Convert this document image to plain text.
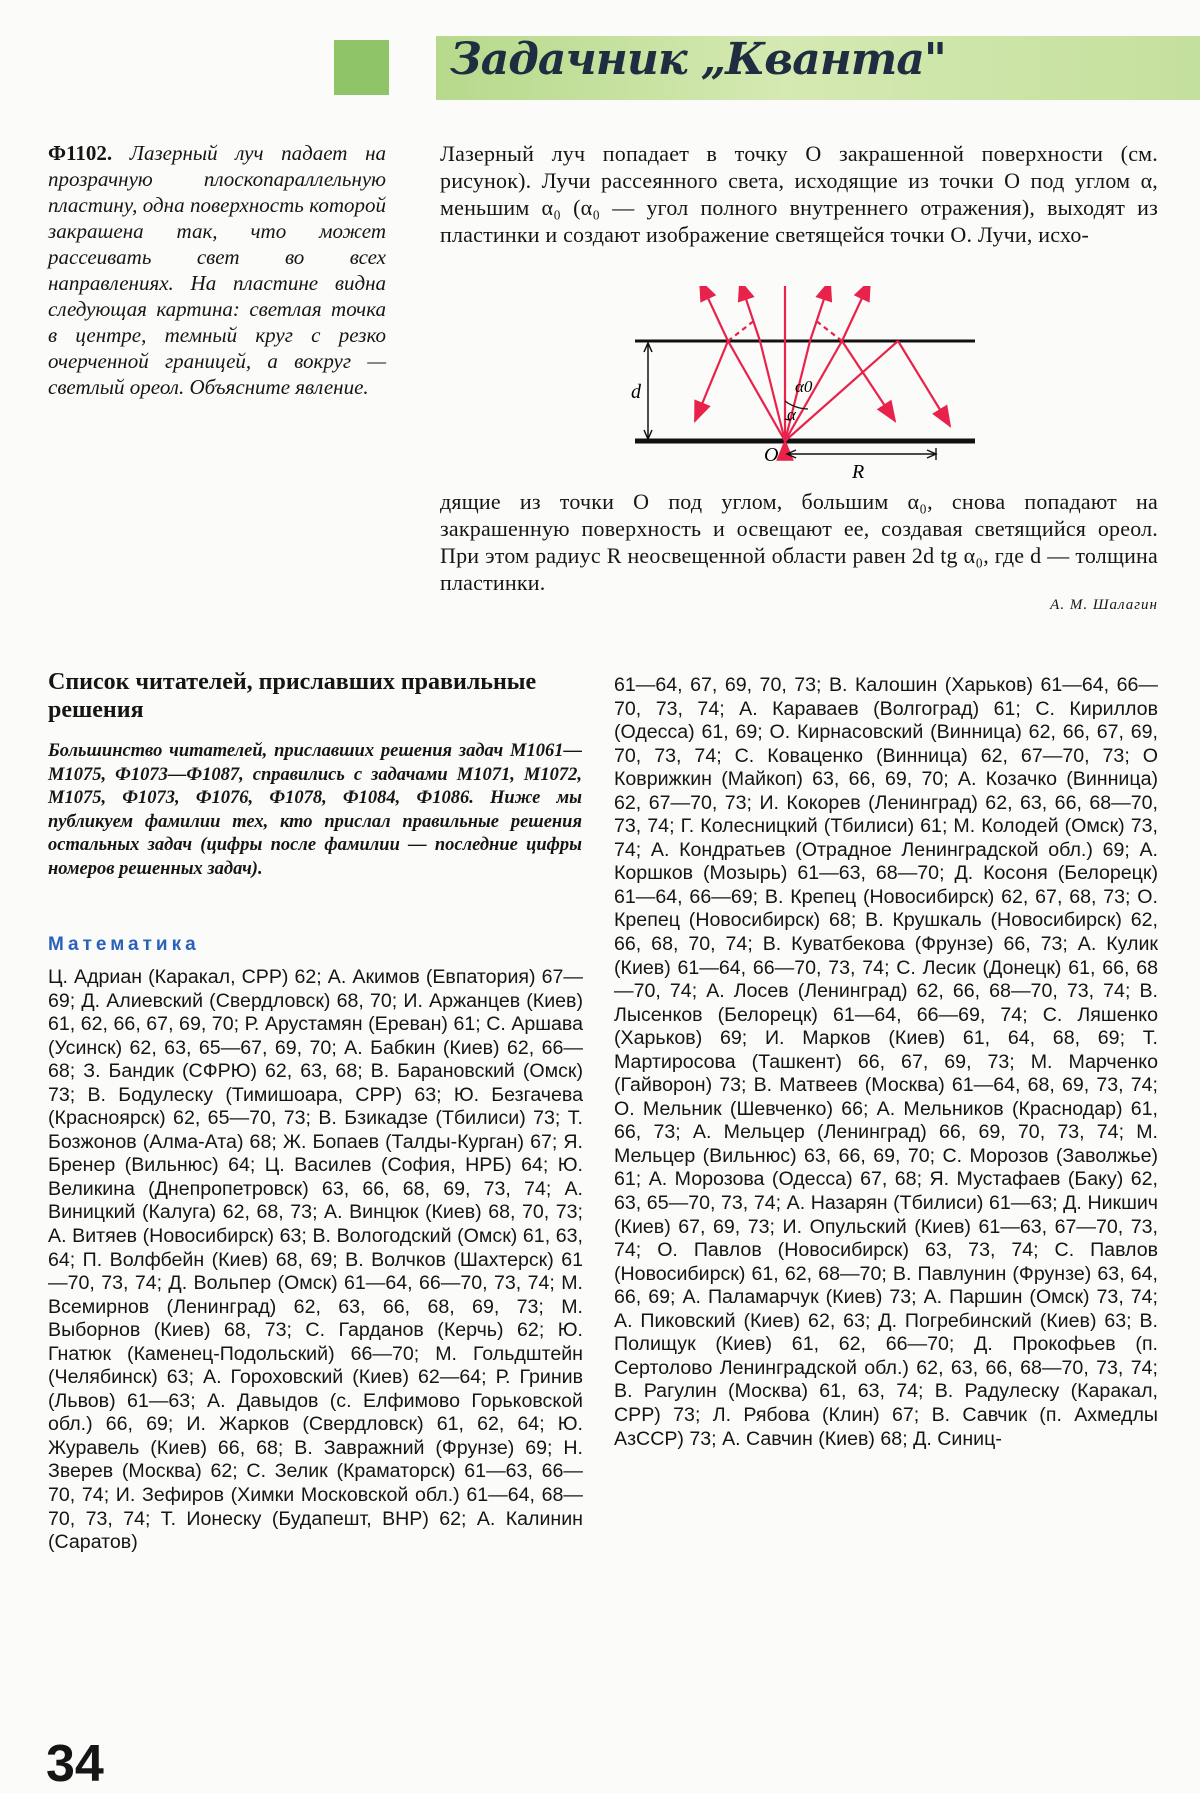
Задачник „Кванта"
Ф1102. Лазерный луч падает на прозрачную плоскопараллельную пластину, одна поверхность которой закрашена так, что может рассеивать свет во всех направлениях. На пластине видна следующая картина: светлая точка в центре, темный круг с резко очерченной границей, а вокруг — светлый ореол. Объясните явление.
Лазерный луч попадает в точку O закрашенной поверхности (см. рисунок). Лучи рассеянного света, исходящие из точки O под углом α, меньшим α₀ (α₀ — угол полного внутреннего отражения), выходят из пластинки и создают изображение светящейся точки O. Лучи, исхо-
d	α0
α
O
R
дящие из точки O под углом, большим α₀, снова попадают на закрашенную поверхность и освещают ее, создавая светящийся ореол. При этом радиус R неосвещенной области равен 2d tg α₀, где d — толщина пластинки.
А. М. Шалагин
Список читателей, приславших правильные решения
Большинство читателей, приславших решения задач М1061—М1075, Ф1073—Ф1087, справились с задачами М1071, М1072, М1075, Ф1073, Ф1076, Ф1078, Ф1084, Ф1086. Ниже мы публикуем фамилии тех, кто прислал правильные решения остальных задач (цифры после фамилии — последние цифры номеров решенных задач).
Математика
Ц. Адриан (Каракал, СРР) 62; А. Акимов (Евпатория) 67—69; Д. Алиевский (Свердловск) 68, 70; И. Аржанцев (Киев) 61, 62, 66, 67, 69, 70; Р. Арустамян (Ереван) 61; С. Аршава (Усинск) 62, 63, 65—67, 69, 70; А. Бабкин (Киев) 62, 66—68; З. Бандик (СФРЮ) 62, 63, 68; В. Барановский (Омск) 73; В. Бодулеску (Тимишоара, СРР) 63; Ю. Безгачева (Красноярск) 62, 65—70, 73; В. Бзикадзе (Тбилиси) 73; Т. Бозжонов (Алма-Ата) 68; Ж. Бопаев (Талды-Курган) 67; Я. Бренер (Вильнюс) 64; Ц. Василев (София, НРБ) 64; Ю. Великина (Днепропетровск) 63, 66, 68, 69, 73, 74; А. Виницкий (Калуга) 62, 68, 73; А. Винцюк (Киев) 68, 70, 73; А. Витяев (Новосибирск) 63; В. Вологодский (Омск) 61, 63, 64; П. Волфбейн (Киев) 68, 69; В. Волчков (Шахтерск) 61—70, 73, 74; Д. Вольпер (Омск) 61—64, 66—70, 73, 74; М. Всемирнов (Ленинград) 62, 63, 66, 68, 69, 73; М. Выборнов (Киев) 68, 73; С. Гарданов (Керчь) 62; Ю. Гнатюк (Каменец-Подольский) 66—70; М. Гольдштейн (Челябинск) 63; А. Гороховский (Киев) 62—64; Р. Гринив (Львов) 61—63; А. Давыдов (с. Елфимово Горьковской обл.) 66, 69; И. Жарков (Свердловск) 61, 62, 64; Ю. Журавель (Киев) 66, 68; В. Завражний (Фрунзе) 69; Н. Зверев (Москва) 62; С. Зелик (Краматорск) 61—63, 66—70, 74; И. Зефиров (Химки Московской обл.) 61—64, 68—70, 73, 74; Т. Ионеску (Будапешт, ВНР) 62; А. Калинин (Саратов)
61—64, 67, 69, 70, 73; В. Калошин (Харьков) 61—64, 66—70, 73, 74; А. Караваев (Волгоград) 61; С. Кириллов (Одесса) 61, 69; О. Кирнасовский (Винница) 62, 66, 67, 69, 70, 73, 74; С. Коваценко (Винница) 62, 67—70, 73; О Коврижкин (Майкоп) 63, 66, 69, 70; А. Козачко (Винница) 62, 67—70, 73; И. Кокорев (Ленинград) 62, 63, 66, 68—70, 73, 74; Г. Колесницкий (Тбилиси) 61; М. Колодей (Омск) 73, 74; А. Кондратьев (Отрадное Ленинградской обл.) 69; А. Коршков (Мозырь) 61—63, 68—70; Д. Косоня (Белорецк) 61—64, 66—69; В. Крепец (Новосибирск) 62, 67, 68, 73; О. Крепец (Новосибирск) 68; В. Крушкаль (Новосибирск) 62, 66, 68, 70, 74; В. Куватбекова (Фрунзе) 66, 73; А. Кулик (Киев) 61—64, 66—70, 73, 74; С. Лесик (Донецк) 61, 66, 68—70, 74; А. Лосев (Ленинград) 62, 66, 68—70, 73, 74; В. Лысенков (Белорецк) 61—64, 66—69, 74; С. Ляшенко (Харьков) 69; И. Марков (Киев) 61, 64, 68, 69; Т. Мартиросова (Ташкент) 66, 67, 69, 73; М. Марченко (Гайворон) 73; В. Матвеев (Москва) 61—64, 68, 69, 73, 74; О. Мельник (Шевченко) 66; А. Мельников (Краснодар) 61, 66, 73; А. Мельцер (Ленинград) 66, 69, 70, 73, 74; М. Мельцер (Вильнюс) 63, 66, 69, 70; С. Морозов (Заволжье) 61; А. Морозова (Одесса) 67, 68; Я. Мустафаев (Баку) 62, 63, 65—70, 73, 74; А. Назарян (Тбилиси) 61—63; Д. Никшич (Киев) 67, 69, 73; И. Опульский (Киев) 61—63, 67—70, 73, 74; О. Павлов (Новосибирск) 63, 73, 74; С. Павлов (Новосибирск) 61, 62, 68—70; В. Павлунин (Фрунзе) 63, 64, 66, 69; А. Паламарчук (Киев) 73; А. Паршин (Омск) 73, 74; А. Пиковский (Киев) 62, 63; Д. Погребинский (Киев) 63; В. Полищук (Киев) 61, 62, 66—70; Д. Прокофьев (п. Сертолово Ленинградской обл.) 62, 63, 66, 68—70, 73, 74; В. Рагулин (Москва) 61, 63, 74; В. Радулеску (Каракал, СРР) 73; Л. Рябова (Клин) 67; В. Савчик (п. Ахмедлы АзССР) 73; А. Савчин (Киев) 68; Д. Синиц-
34
